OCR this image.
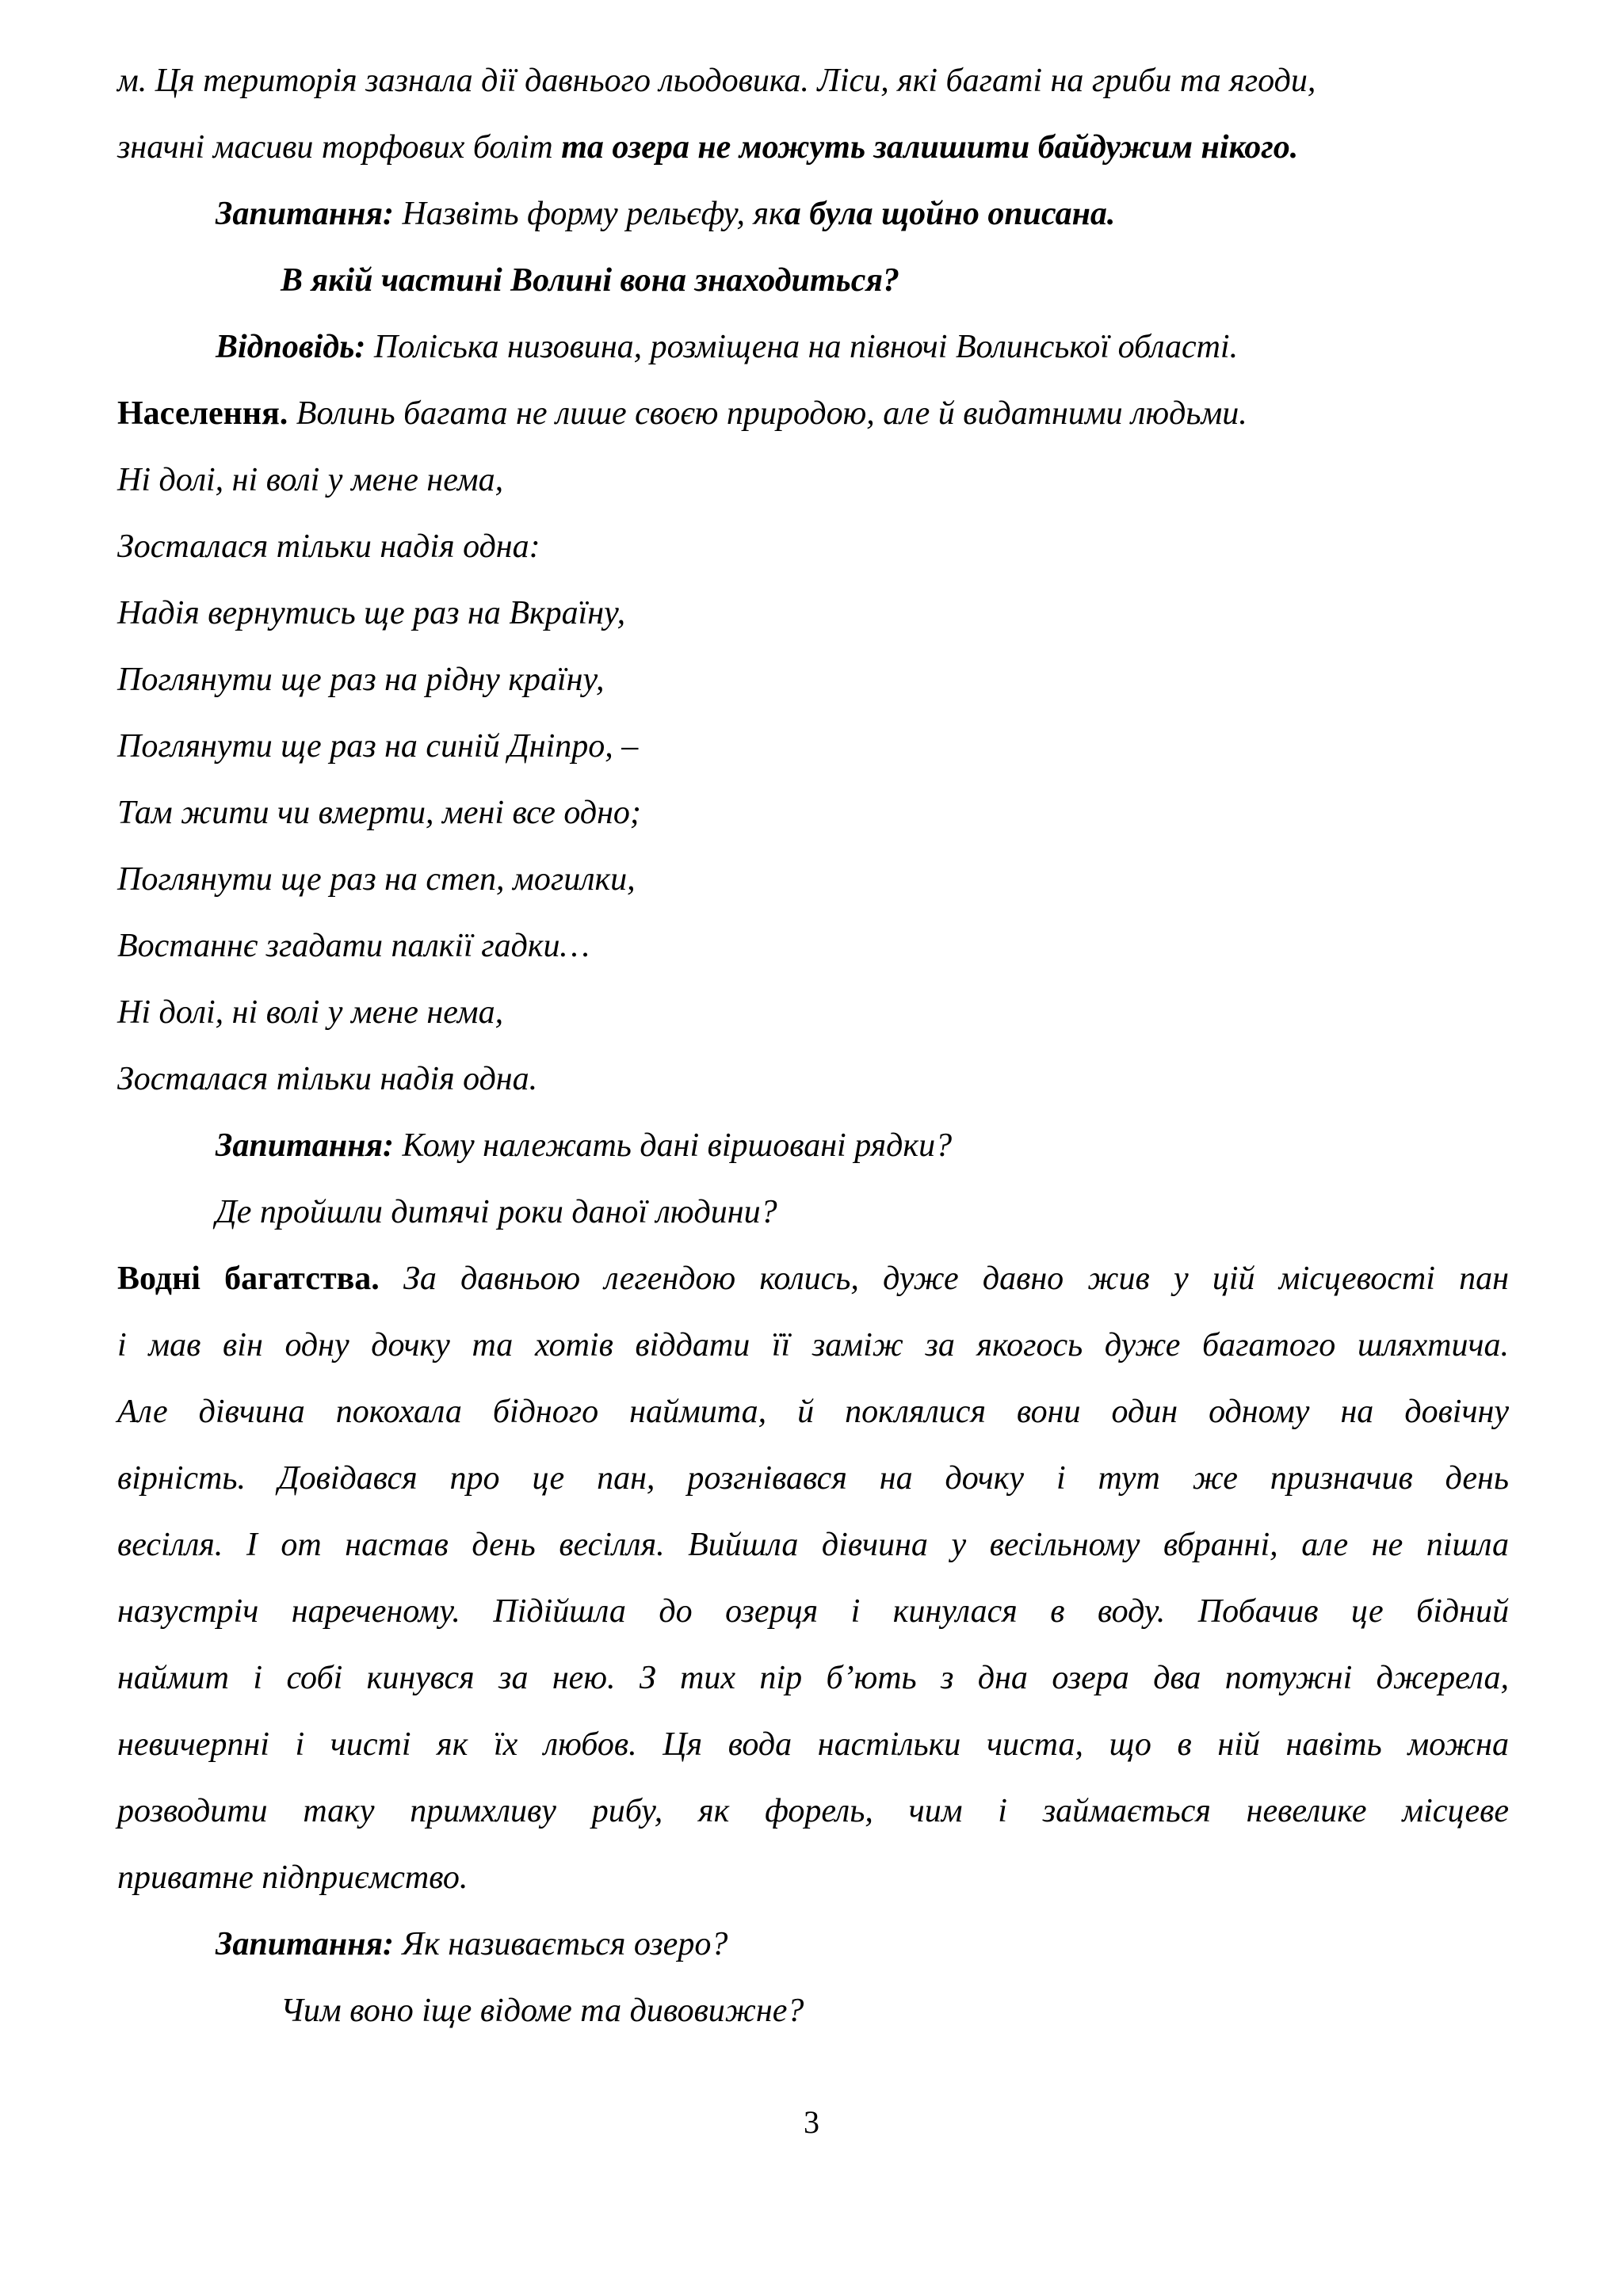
м. Ця територія зазнала дії давнього льодовика. Ліси, які багаті на гриби та ягоди,
значні масиви торфових боліт та озера не можуть залишити байдужим нікого.
Запитання: Назвіть форму рельєфу, яка була щойно описана.
В якій частині Волині вона знаходиться?
Відповідь: Поліська низовина, розміщена на півночі Волинської області.
Населення. Волинь багата не лише своєю природою, але й видатними людьми.
Ні долі, ні волі у мене нема,
Зосталася тільки надія одна:
Надія вернутись ще раз на Вкраїну,
Поглянути ще раз на рідну країну,
Поглянути ще раз на синій Дніпро, –
Там жити чи вмерти, мені все одно;
Поглянути ще раз на степ, могилки,
Востаннє згадати палкії гадки…
Ні долі, ні волі у мене нема,
Зосталася тільки надія одна.
Запитання: Кому належать дані віршовані рядки?
Де пройшли дитячі роки даної людини?
Водні багатства. За давньою легендою колись, дуже давно жив у цій місцевості пан
і мав він одну дочку та хотів віддати її заміж за якогось дуже багатого шляхтича.
Але дівчина покохала бідного наймита, й поклялися вони один одному на довічну
вірність. Довідався про це пан, розгнівався на дочку і тут же призначив день
весілля. І от настав день весілля. Вийшла дівчина у весільному вбранні, але не пішла
назустріч нареченому. Підійшла до озерця і кинулася в воду. Побачив це бідний
наймит і собі кинувся за нею. З тих пір б’ють з дна озера два потужні джерела,
невичерпні і чисті як їх любов. Ця вода настільки чиста, що в ній навіть можна
розводити таку примхливу рибу, як форель, чим і займається невелике місцеве
приватне підприємство.
Запитання: Як називається озеро?
Чим воно іще відоме та дивовижне?
3
